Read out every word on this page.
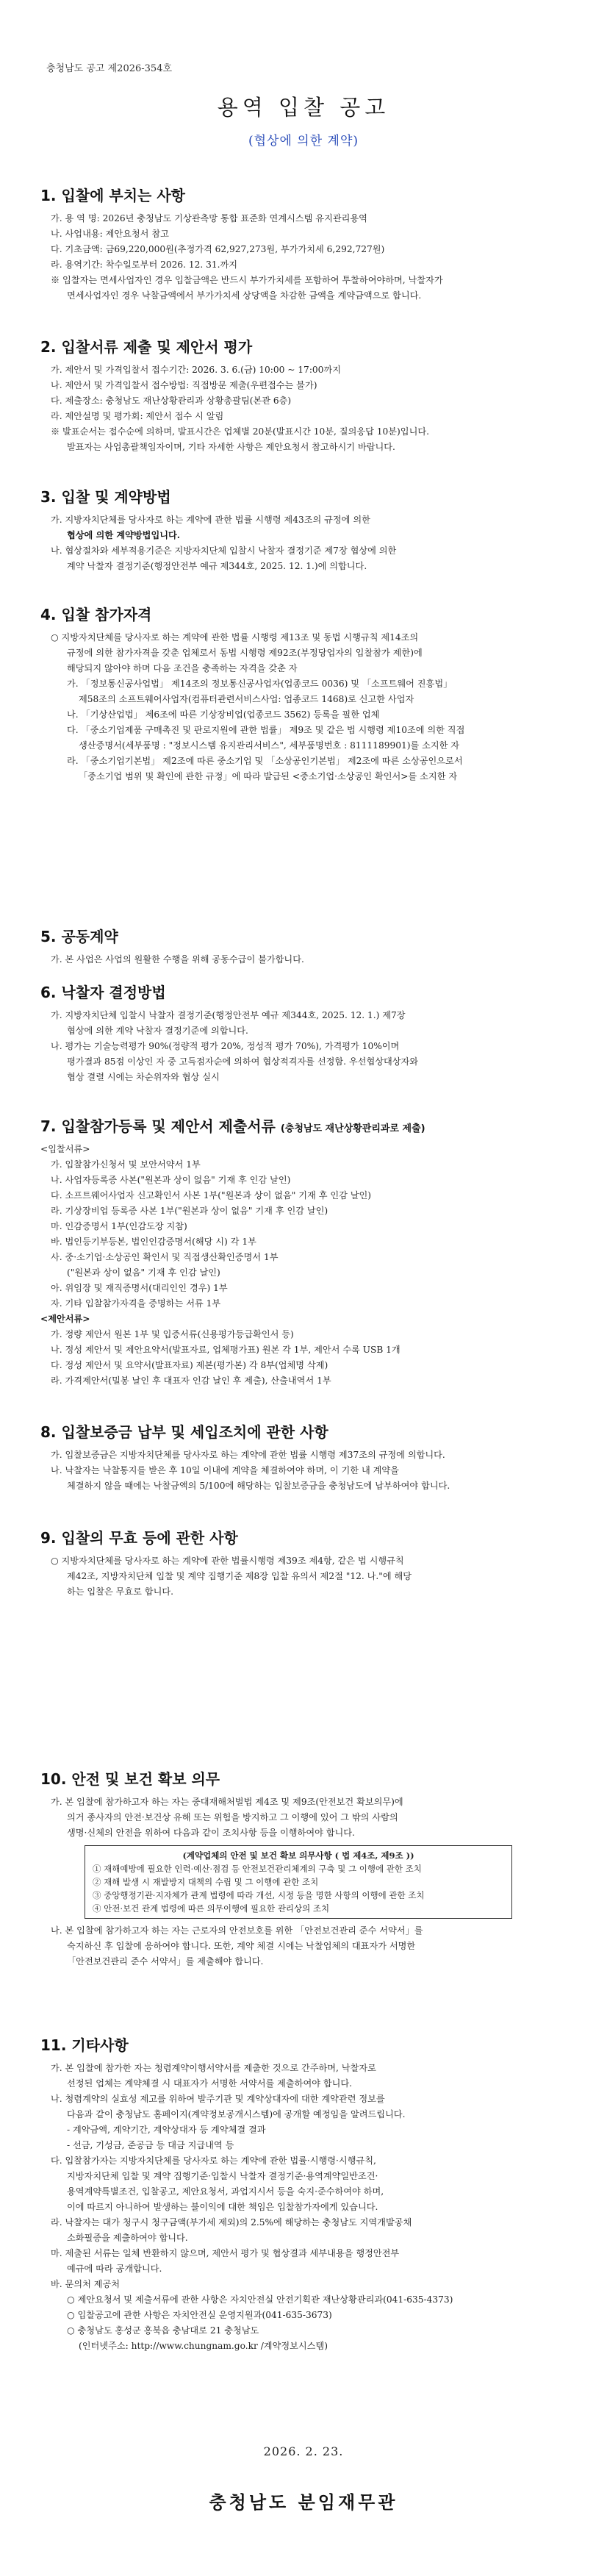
충청남도 공고 제2026-354호
용역 입찰 공고
(협상에 의한 계약)
1. 입찰에 부치는 사항

가. 용 역 명: 2026년 충청남도 기상관측망 통합 표준화 연계시스템 유지관리용역

나. 사업내용: 제안요청서 참고

다. 기초금액: 금69,220,000원(추정가격 62,927,273원, 부가가치세 6,292,727원)

라. 용역기간: 착수일로부터 2026. 12. 31.까지

※ 입찰자는 면세사업자인 경우 입찰금액은 반드시 부가가치세를 포함하여 투찰하여야하며, 낙찰자가

면세사업자인 경우 낙찰금액에서 부가가치세 상당액을 차감한 금액을 계약금액으로 합니다.

2. 입찰서류 제출 및 제안서 평가

가. 제안서 및 가격입찰서 접수기간: 2026. 3. 6.(금) 10:00 ~ 17:00까지

나. 제안서 및 가격입찰서 접수방법: 직접방문 제출(우편접수는 불가)

다. 제출장소: 충청남도 재난상황관리과 상황총괄팀(본관 6층)

라. 제안설명 및 평가회: 제안서 접수 시 알림

※ 발표순서는 접수순에 의하며, 발표시간은 업체별 20분(발표시간 10분, 질의응답 10분)입니다.

발표자는 사업총괄책임자이며, 기타 자세한 사항은 제안요청서 참고하시기 바랍니다.

3. 입찰 및 계약방법

가. 지방자치단체를 당사자로 하는 계약에 관한 법률 시행령 제43조의 규정에 의한

협상에 의한 계약방법입니다.

나. 협상절차와 세부적용기준은 지방자치단체 입찰시 낙찰자 결정기준 제7장 협상에 의한

계약 낙찰자 결정기준(행정안전부 예규 제344호, 2025. 12. 1.)에 의합니다.

4. 입찰 참가자격

○ 지방자치단체를 당사자로 하는 계약에 관한 법률 시행령 제13조 및 동법 시행규칙 제14조의

규정에 의한 참가자격을 갖춘 업체로서 동법 시행령 제92조(부정당업자의 입찰참가 제한)에

해당되지 않아야 하며 다음 조건을 충족하는 자격을 갖춘 자

가. 「정보통신공사업법」 제14조의 정보통신공사업자(업종코드 0036) 및 「소프트웨어 진흥법」

제58조의 소프트웨어사업자(컴퓨터관련서비스사업: 업종코드 1468)로 신고한 사업자

나. 「기상산업법」 제6조에 따른 기상장비업(업종코드 3562) 등록을 필한 업체

다. 「중소기업제품 구매촉진 및 판로지원에 관한 법률」 제9조 및 같은 법 시행령 제10조에 의한 직접

생산증명서(세부품명 : "정보시스템 유지관리서비스", 세부품명번호 : 8111189901)를 소지한 자

라. 「중소기업기본법」 제2조에 따른 중소기업 및 「소상공인기본법」 제2조에 따른 소상공인으로서

「중소기업 범위 및 확인에 관한 규정」에 따라 발급된 <중소기업·소상공인 확인서>를 소지한 자

5. 공동계약

가. 본 사업은 사업의 원활한 수행을 위해 공동수급이 불가합니다.

6. 낙찰자 결정방법

가. 지방자치단체 입찰시 낙찰자 결정기준(행정안전부 예규 제344호, 2025. 12. 1.) 제7장

협상에 의한 계약 낙찰자 결정기준에 의합니다.

나. 평가는 기술능력평가 90%(정량적 평가 20%, 정성적 평가 70%), 가격평가 10%이며

평가결과 85점 이상인 자 중 고득점자순에 의하여 협상적격자를 선정함. 우선협상대상자와

협상 결렬 시에는 차순위자와 협상 실시

7. 입찰참가등록 및 제안서 제출서류 (충청남도 재난상황관리과로 제출)

<입찰서류>

가. 입찰참가신청서 및 보안서약서 1부

나. 사업자등록증 사본("원본과 상이 없음" 기재 후 인감 날인)

다. 소프트웨어사업자 신고확인서 사본 1부("원본과 상이 없음" 기재 후 인감 날인)

라. 기상장비업 등록증 사본 1부("원본과 상이 없음" 기재 후 인감 날인)

마. 인감증명서 1부(인감도장 지참)

바. 법인등기부등본, 법인인감증명서(해당 시) 각 1부

사. 중·소기업·소상공인 확인서 및 직접생산확인증명서 1부

("원본과 상이 없음" 기재 후 인감 날인)

아. 위임장 및 재직증명서(대리인인 경우) 1부

자. 기타 입찰참가자격을 증명하는 서류 1부

<제안서류>

가. 정량 제안서 원본 1부 및 입증서류(신용평가등급확인서 등)

나. 정성 제안서 및 제안요약서(발표자료, 업체평가표) 원본 각 1부, 제안서 수록 USB 1개

다. 정성 제안서 및 요약서(발표자료) 제본(평가본) 각 8부(업체명 삭제)

라. 가격제안서(밀봉 날인 후 대표자 인감 날인 후 제출), 산출내역서 1부

8. 입찰보증금 납부 및 세입조치에 관한 사항

가. 입찰보증금은 지방자치단체를 당사자로 하는 계약에 관한 법률 시행령 제37조의 규정에 의합니다.

나. 낙찰자는 낙찰통지를 받은 후 10일 이내에 계약을 체결하여야 하며, 이 기한 내 계약을

체결하지 않을 때에는 낙찰금액의 5/100에 해당하는 입찰보증금을 충청남도에 납부하여야 합니다.

9. 입찰의 무효 등에 관한 사항

○ 지방자치단체를 당사자로 하는 계약에 관한 법률시행령 제39조 제4항, 같은 법 시행규칙

제42조, 지방자치단체 입찰 및 계약 집행기준 제8장 입찰 유의서 제2절 "12. 나."에 해당

하는 입찰은 무효로 합니다.

10. 안전 및 보건 확보 의무

가. 본 입찰에 참가하고자 하는 자는 중대재해처벌법 제4조 및 제9조(안전보건 확보의무)에

의거 종사자의 안전·보건상 유해 또는 위험을 방지하고 그 이행에 있어 그 밖의 사람의

생명·신체의 안전을 위하여 다음과 같이 조치사항 등을 이행하여야 합니다.

(계약업체의 안전 및 보건 확보 의무사항 ( 법 제4조, 제9조 ))
① 재해예방에 필요한 인력·예산·점검 등 안전보건관리체계의 구축 및 그 이행에 관한 조치
② 재해 발생 시 재발방지 대책의 수립 및 그 이행에 관한 조치
③ 중앙행정기관·지자체가 관계 법령에 따라 개선, 시정 등을 명한 사항의 이행에 관한 조치
④ 안전·보건 관계 법령에 따른 의무이행에 필요한 관리상의 조치

나. 본 입찰에 참가하고자 하는 자는 근로자의 안전보호를 위한 「안전보건관리 준수 서약서」를

숙지하신 후 입찰에 응하여야 합니다. 또한, 계약 체결 시에는 낙찰업체의 대표자가 서명한

「안전보건관리 준수 서약서」를 제출해야 합니다.

11. 기타사항

가. 본 입찰에 참가한 자는 청렴계약이행서약서를 제출한 것으로 간주하며, 낙찰자로

선정된 업체는 계약체결 시 대표자가 서명한 서약서를 제출하여야 합니다.

나. 청렴계약의 실효성 제고를 위하여 발주기관 및 계약상대자에 대한 계약관련 정보를

다음과 같이 충청남도 홈페이지(계약정보공개시스템)에 공개할 예정임을 알려드립니다.

- 계약금액, 계약기간, 계약상대자 등 계약체결 결과

- 선금, 기성금, 준공금 등 대금 지급내역 등

다. 입찰참가자는 지방자치단체를 당사자로 하는 계약에 관한 법률·시행령·시행규칙,

지방자치단체 입찰 및 계약 집행기준·입찰시 낙찰자 결정기준·용역계약일반조건·

용역계약특별조건, 입찰공고, 제안요청서, 과업지시서 등을 숙지·준수하여야 하며,

이에 따르지 아니하여 발생하는 불이익에 대한 책임은 입찰참가자에게 있습니다.

라. 낙찰자는 대가 청구시 청구금액(부가세 제외)의 2.5%에 해당하는 충청남도 지역개발공채

소화필증을 제출하여야 합니다.

마. 제출된 서류는 일체 반환하지 않으며, 제안서 평가 및 협상결과 세부내용을 행정안전부

예규에 따라 공개합니다.

바. 문의처 제공처

○ 제안요청서 및 제출서류에 관한 사항은 자치안전실 안전기획관 재난상황관리과(041-635-4373)

○ 입찰공고에 관한 사항은 자치안전실 운영지원과(041-635-3673)

○ 충청남도 홍성군 홍북읍 충남대로 21 충청남도

(인터넷주소: http://www.chungnam.go.kr /계약정보시스템)

2026. 2. 23.
충청남도 분임재무관
